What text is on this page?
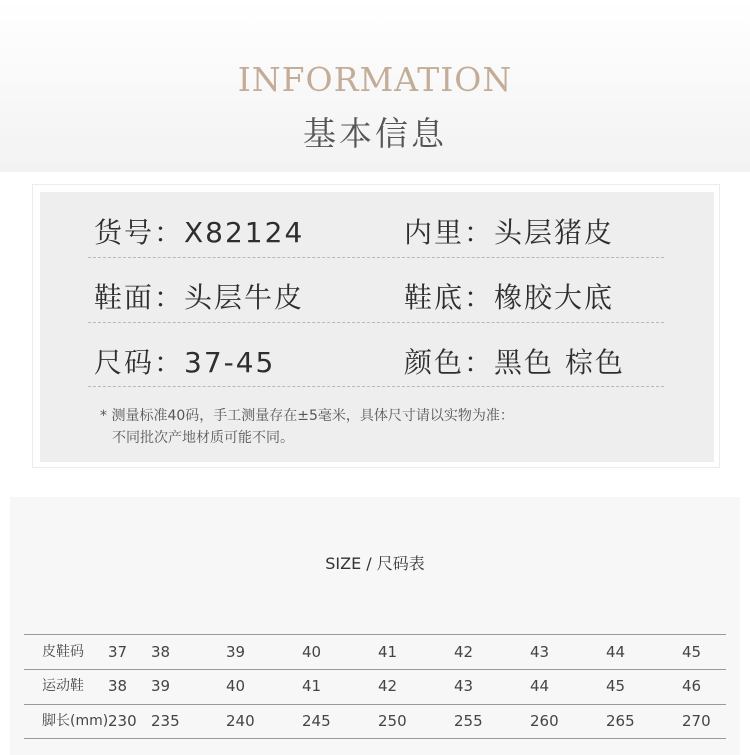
INFORMATION
基本信息
货号：X82124	内里：头层猪皮
鞋面：头层牛皮	鞋底：橡胶大底
尺码：37-45	颜色：黑色 棕色
* 测量标准40码，手工测量存在±5毫米，具体尺寸请以实物为准：
不同批次产地材质可能不同。
SIZE / 尺码表
皮鞋码 37 38	39	40	41	42	43	44	45
运动鞋 38 39	40	41	42	43	44	45	46
脚长(mm) 230 235	240	245	250	255	260	265	270
